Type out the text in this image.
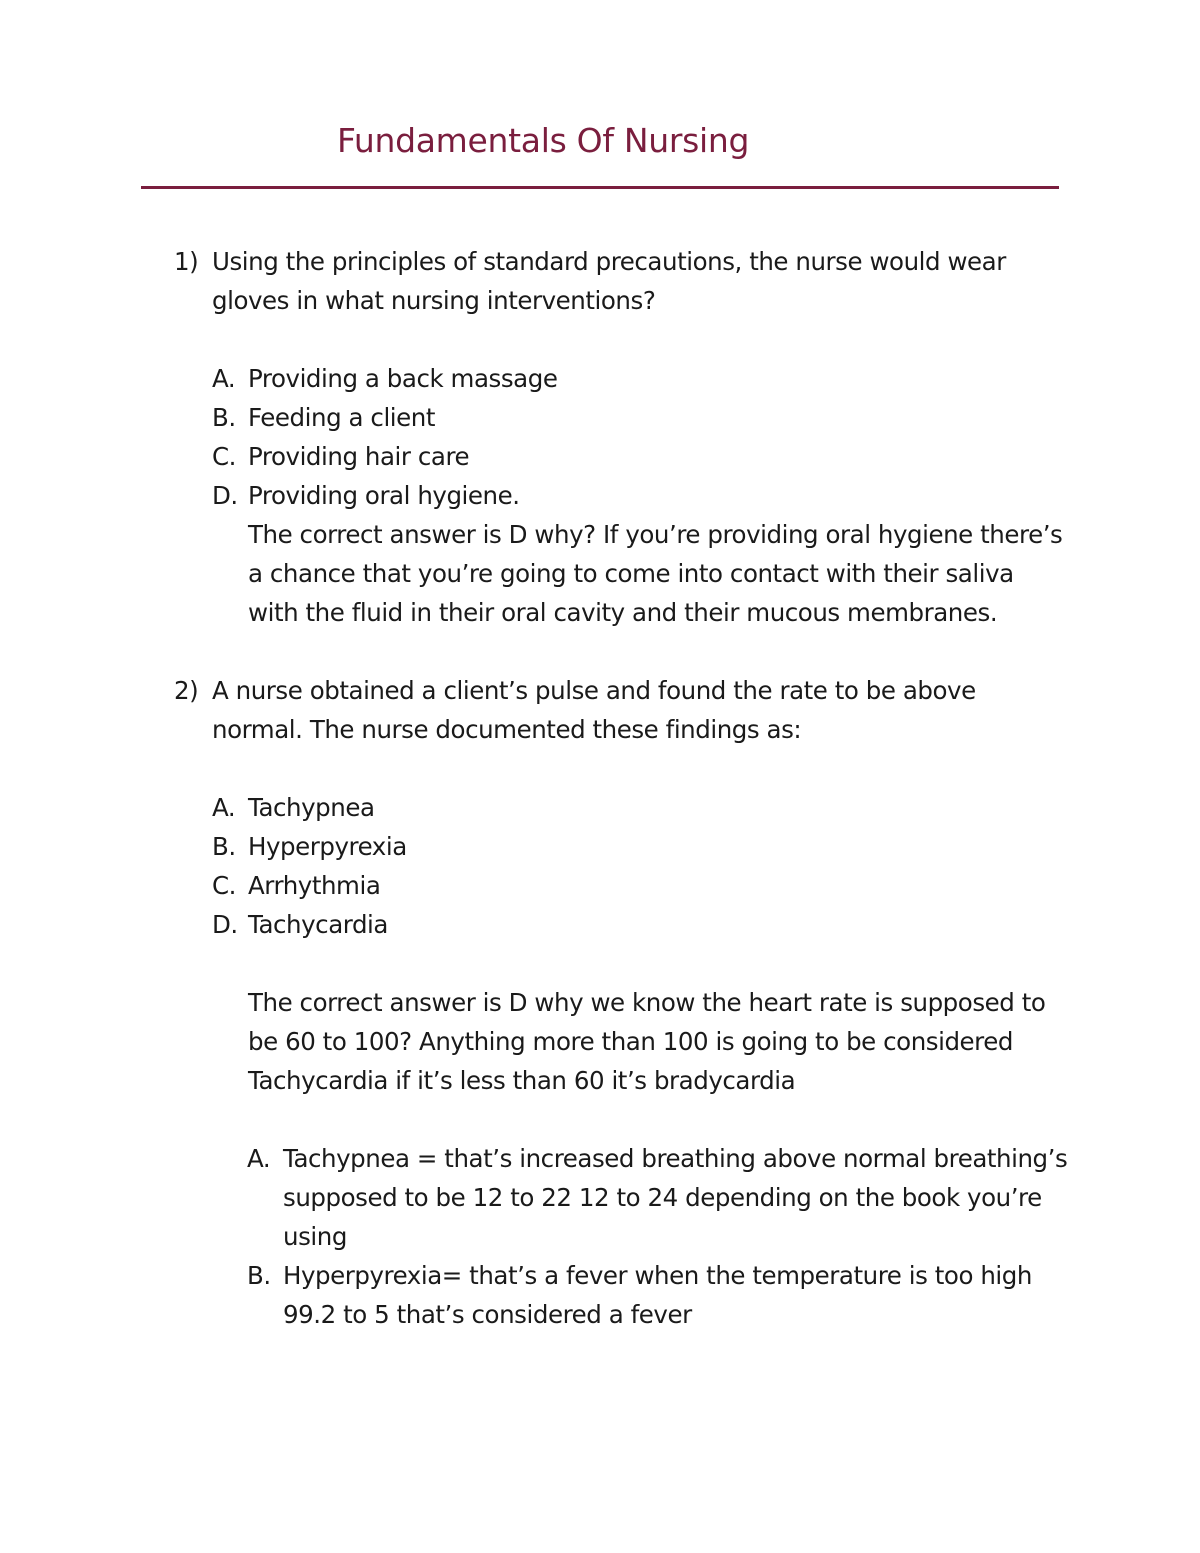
Fundamentals Of Nursing
1) Using the principles of standard precautions, the nurse would wear gloves in what nursing interventions?

A. Providing a back massage
B. Feeding a client
C. Providing hair care
D. Providing oral hygiene.

The correct answer is D why? If you’re providing oral hygiene there’s a chance that you’re going to come into contact with their saliva with the fluid in their oral cavity and their mucous membranes.

2) A nurse obtained a client’s pulse and found the rate to be above normal. The nurse documented these findings as:

A. Tachypnea
B. Hyperpyrexia
C. Arrhythmia
D. Tachycardia

The correct answer is D why we know the heart rate is supposed to be 60 to 100? Anything more than 100 is going to be considered Tachycardia if it’s less than 60 it’s bradycardia

A. Tachypnea = that’s increased breathing above normal breathing’s supposed to be 12 to 22 12 to 24 depending on the book you’re using
B. Hyperpyrexia= that’s a fever when the temperature is too high 99.2 to 5 that’s considered a fever
